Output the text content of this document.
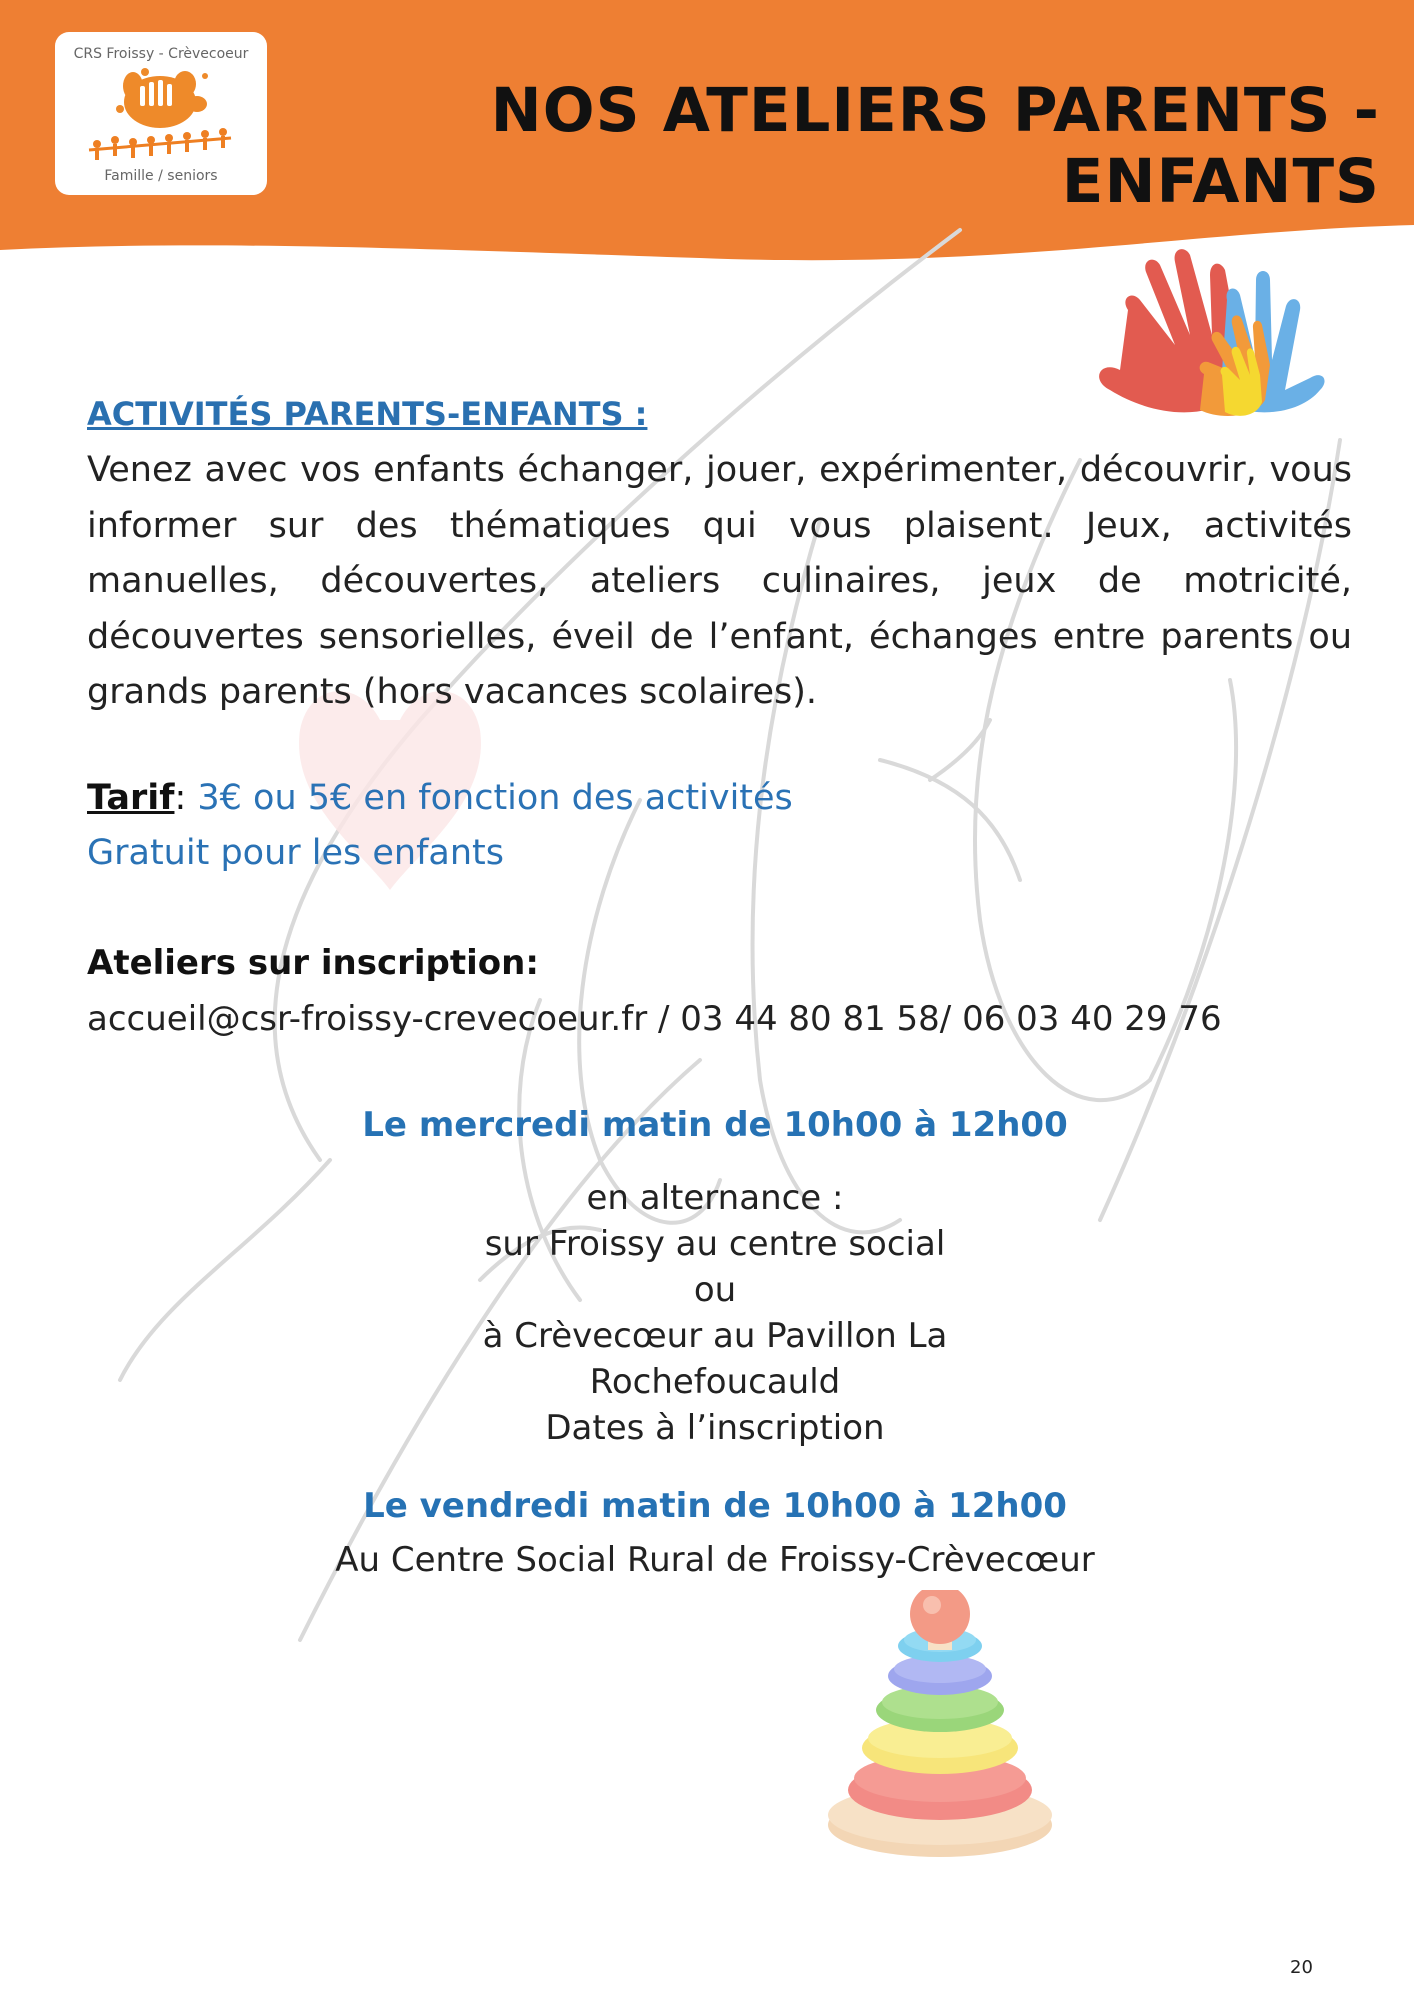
CRS Froissy - Crèvecoeur
Famille / seniors
NOS ATELIERS PARENTS - ENFANTS
ACTIVITÉS PARENTS-ENFANTS :
Venez avec vos enfants échanger, jouer, expérimenter, découvrir, vous informer sur des thématiques qui vous plaisent. Jeux, activités manuelles, découvertes, ateliers culinaires, jeux de motricité, découvertes sensorielles, éveil de l’enfant, échanges entre parents ou grands parents (hors vacances scolaires).
Tarif: 3€ ou 5€ en fonction des activités
Gratuit pour les enfants
Ateliers sur inscription:
accueil@csr-froissy-crevecoeur.fr / 03 44 80 81 58/ 06 03 40 29 76
Le mercredi matin de 10h00 à 12h00
en alternance :
sur Froissy au centre social
ou
à Crèvecœur au Pavillon La
Rochefoucauld
Dates à l’inscription
Le vendredi matin de 10h00 à 12h00
Au Centre Social Rural de Froissy-Crèvecœur
20
